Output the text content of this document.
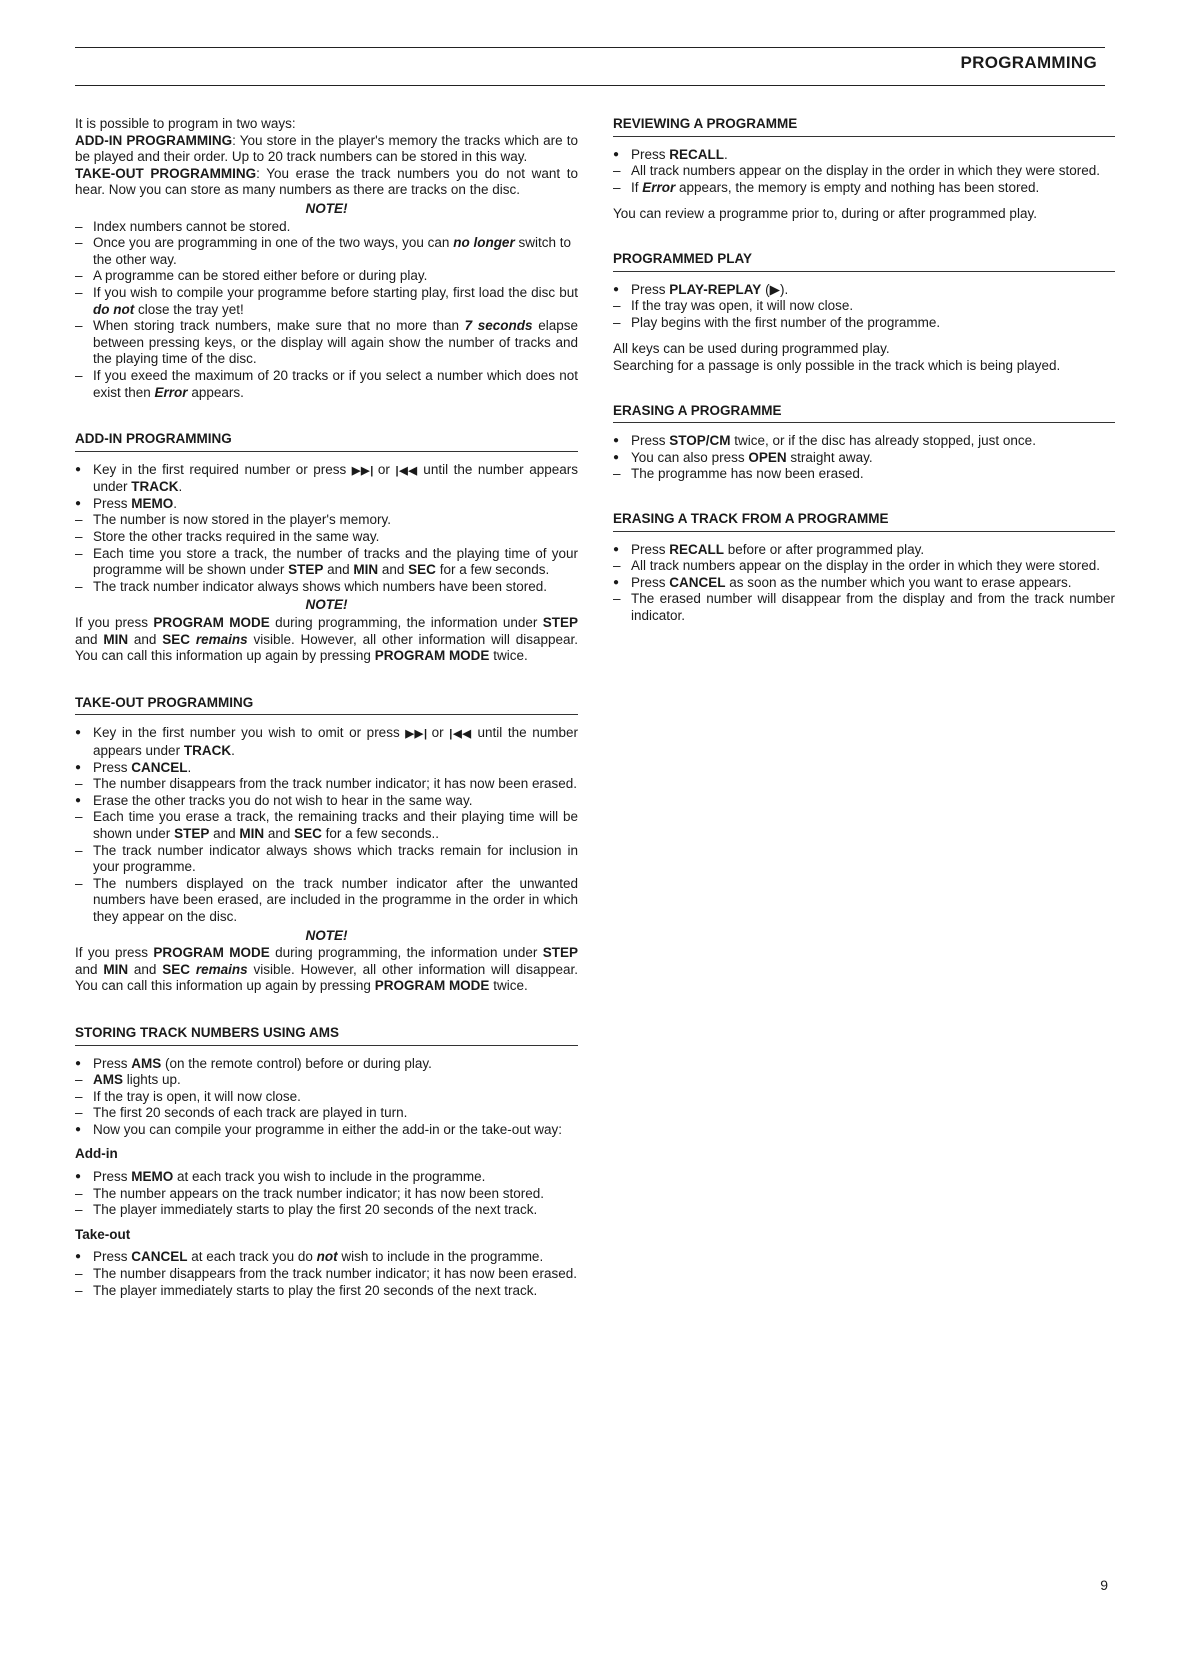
PROGRAMMING

It is possible to program in two ways:

ADD-IN PROGRAMMING: You store in the player's memory the tracks which are to be played and their order. Up to 20 track numbers can be stored in this way.

TAKE-OUT PROGRAMMING: You erase the track numbers you do not want to hear. Now you can store as many numbers as there are tracks on the disc.

NOTE!

– Index numbers cannot be stored.
– Once you are programming in one of the two ways, you can no longer switch to the other way.
– A programme can be stored either before or during play.
– If you wish to compile your programme before starting play, first load the disc but do not close the tray yet!
– When storing track numbers, make sure that no more than 7 seconds elapse between pressing keys, or the display will again show the number of tracks and the playing time of the disc.
– If you exeed the maximum of 20 tracks or if you select a number which does not exist then Error appears.
ADD-IN PROGRAMMING
● Key in the first required number or press ▶▶| or |◀◀ until the number appears under TRACK.
● Press MEMO.
– The number is now stored in the player's memory.
– Store the other tracks required in the same way.
– Each time you store a track, the number of tracks and the playing time of your programme will be shown under STEP and MIN and SEC for a few seconds.
– The track number indicator always shows which numbers have been stored.

NOTE!

If you press PROGRAM MODE during programming, the information under STEP and MIN and SEC remains visible. However, all other information will disappear. You can call this information up again by pressing PROGRAM MODE twice.

TAKE-OUT PROGRAMMING
● Key in the first number you wish to omit or press ▶▶| or |◀◀ until the number appears under TRACK.
● Press CANCEL.
– The number disappears from the track number indicator; it has now been erased.
● Erase the other tracks you do not wish to hear in the same way.
– Each time you erase a track, the remaining tracks and their playing time will be shown under STEP and MIN and SEC for a few seconds..
– The track number indicator always shows which tracks remain for inclusion in your programme.
– The numbers displayed on the track number indicator after the unwanted numbers have been erased, are included in the programme in the order in which they appear on the disc.

NOTE!

If you press PROGRAM MODE during programming, the information under STEP and MIN and SEC remains visible. However, all other information will disappear. You can call this information up again by pressing PROGRAM MODE twice.

STORING TRACK NUMBERS USING AMS
● Press AMS (on the remote control) before or during play.
– AMS lights up.
– If the tray is open, it will now close.
– The first 20 seconds of each track are played in turn.
● Now you can compile your programme in either the add-in or the take-out way:
Add-in
● Press MEMO at each track you wish to include in the programme.
– The number appears on the track number indicator; it has now been stored.
– The player immediately starts to play the first 20 seconds of the next track.
Take-out
● Press CANCEL at each track you do not wish to include in the programme.
– The number disappears from the track number indicator; it has now been erased.
– The player immediately starts to play the first 20 seconds of the next track.
REVIEWING A PROGRAMME
● Press RECALL.
– All track numbers appear on the display in the order in which they were stored.
– If Error appears, the memory is empty and nothing has been stored.

You can review a programme prior to, during or after programmed play.

PROGRAMMED PLAY
● Press PLAY-REPLAY (▶).
– If the tray was open, it will now close.
– Play begins with the first number of the programme.

All keys can be used during programmed play.

Searching for a passage is only possible in the track which is being played.

ERASING A PROGRAMME
● Press STOP/CM twice, or if the disc has already stopped, just once.
● You can also press OPEN straight away.
– The programme has now been erased.
ERASING A TRACK FROM A PROGRAMME
● Press RECALL before or after programmed play.
– All track numbers appear on the display in the order in which they were stored.
● Press CANCEL as soon as the number which you want to erase appears.
– The erased number will disappear from the display and from the track number indicator.
9
